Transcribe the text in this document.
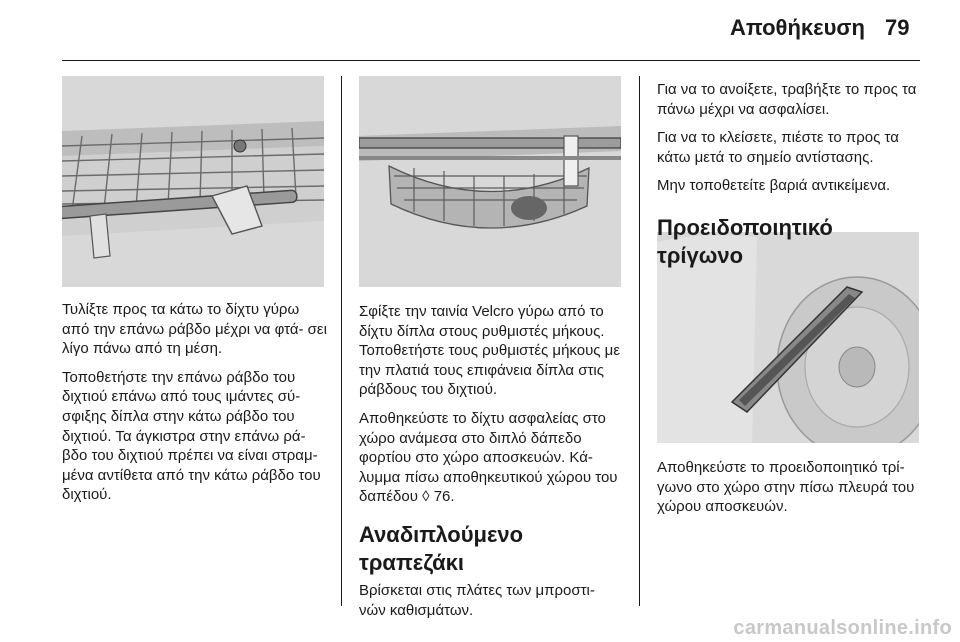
Αποθήκευση 79

Τυλίξτε προς τα κάτω το δίχτυ γύρω από την επάνω ράβδο μέχρι να φτά- σει λίγο πάνω από τη μέση.

Τοποθετήστε την επάνω ράβδο του διχτιού επάνω από τους ιμάντες σύ- σφιξης δίπλα στην κάτω ράβδο του διχτιού. Τα άγκιστρα στην επάνω ρά- βδο του διχτιού πρέπει να είναι στραμ- μένα αντίθετα από την κάτω ράβδο του διχτιού.

Σφίξτε την ταινία Velcro γύρω από το δίχτυ δίπλα στους ρυθμιστές μήκους. Τοποθετήστε τους ρυθμιστές μήκους με την πλατιά τους επιφάνεια δίπλα στις ράβδους του διχτιού.

Αποθηκεύστε το δίχτυ ασφαλείας στο χώρο ανάμεσα στο διπλό δάπεδο φορτίου στο χώρο αποσκευών. Κά- λυμμα πίσω αποθηκευτικού χώρου του δαπέδου ◊ 76.

Αναδιπλούμενο τραπεζάκι

Βρίσκεται στις πλάτες των μπροστι- νών καθισμάτων.

Για να το ανοίξετε, τραβήξτε το προς τα πάνω μέχρι να ασφαλίσει.

Για να το κλείσετε, πιέστε το προς τα κάτω μετά το σημείο αντίστασης.

Μην τοποθετείτε βαριά αντικείμενα.

Προειδοποιητικό τρίγωνο

Αποθηκεύστε το προειδοποιητικό τρί- γωνο στο χώρο στην πίσω πλευρά του χώρου αποσκευών.

carmanualsonline.info
